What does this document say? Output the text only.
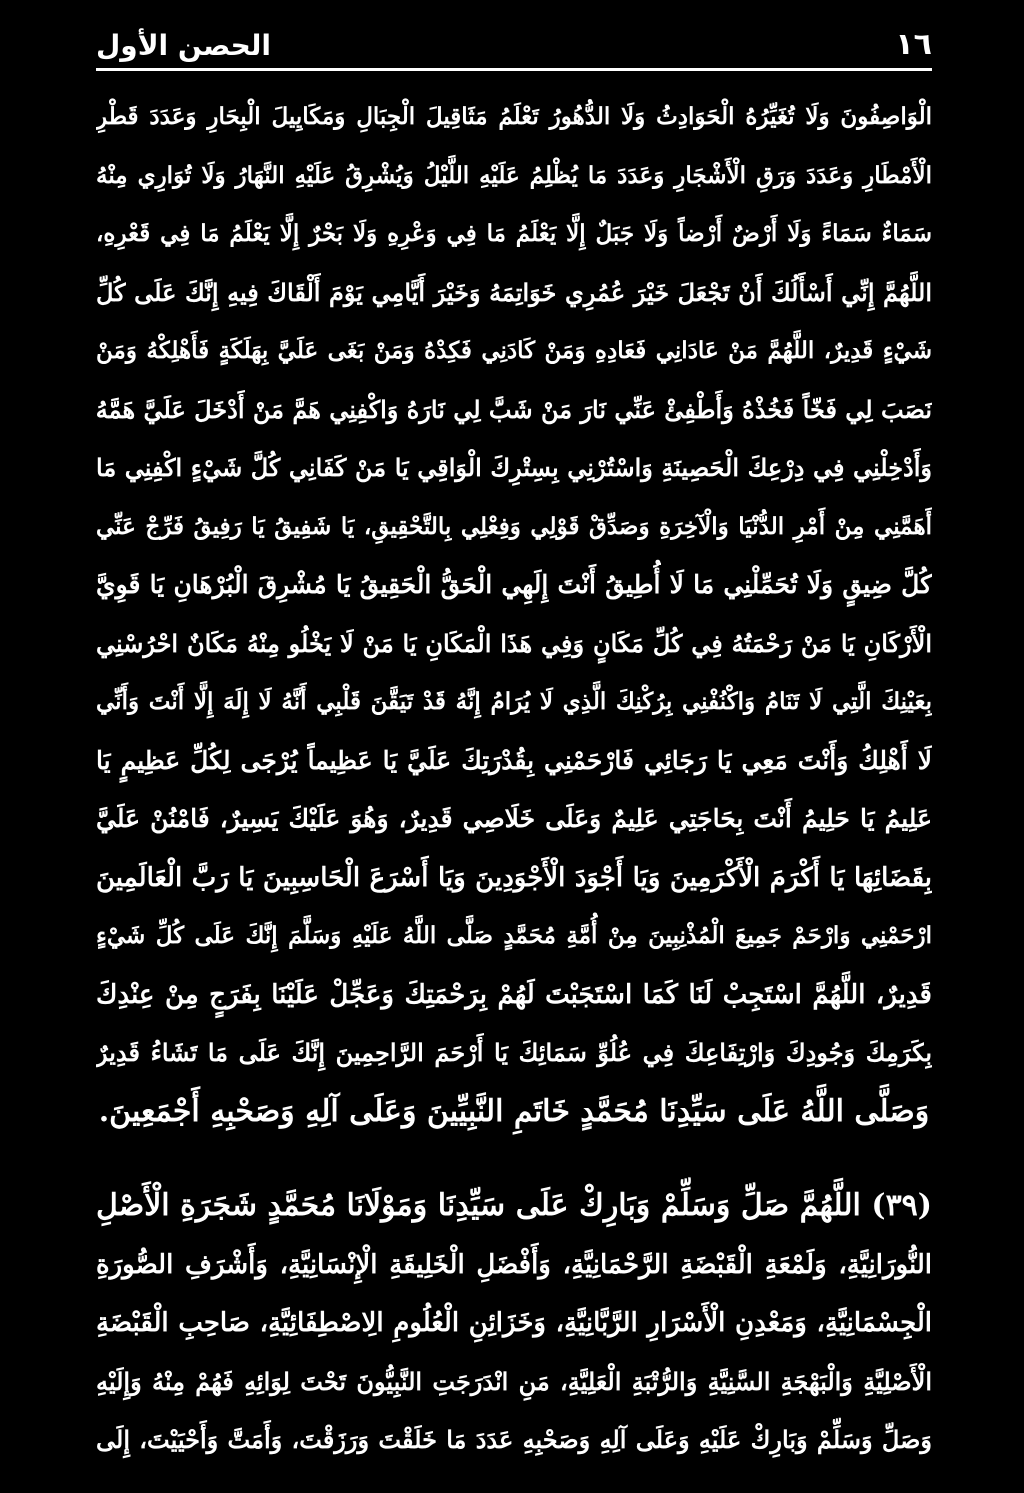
١٦
الحصن الأول
الْوَاصِفُونَ وَلَا تُغَيِّرُهُ الْحَوَادِثُ وَلَا الدُّهُورُ تَعْلَمُ مَثَاقِيلَ الْجِبَالِ وَمَكَايِيلَ الْبِحَارِ وَعَدَدَ قَطْرِ
الْأَمْطَارِ وَعَدَدَ وَرَقِ الْأَشْجَارِ وَعَدَدَ مَا يُظْلِمُ عَلَيْهِ اللَّيْلُ وَيُشْرِقُ عَلَيْهِ النَّهَارُ وَلَا تُوَارِي مِنْهُ
سَمَاءٌ سَمَاءً وَلَا أَرْضٌ أَرْضاً وَلَا جَبَلٌ إِلَّا يَعْلَمُ مَا فِي وَعْرِهِ وَلَا بَحْرٌ إِلَّا يَعْلَمُ مَا فِي قَعْرِهِ،
اللَّهُمَّ إِنِّي أَسْأَلُكَ أَنْ تَجْعَلَ خَيْرَ عُمُرِي خَوَاتِمَهُ وَخَيْرَ أَيَّامِي يَوْمَ أَلْقَاكَ فِيهِ إِنَّكَ عَلَى كُلِّ
شَيْءٍ قَدِيرٌ، اللَّهُمَّ مَنْ عَادَانِي فَعَادِهِ وَمَنْ كَادَنِي فَكِدْهُ وَمَنْ بَغَى عَلَيَّ بِهَلَكَةٍ فَأَهْلِكْهُ وَمَنْ
نَصَبَ لِي فَخّاً فَخُذْهُ وَأَطْفِئْ عَنِّي نَارَ مَنْ شَبَّ لِي نَارَهُ وَاكْفِنِي هَمَّ مَنْ أَدْخَلَ عَلَيَّ هَمَّهُ
وَأَدْخِلْنِي فِي دِرْعِكَ الْحَصِينَةِ وَاسْتُرْنِي بِسِتْرِكَ الْوَاقِي يَا مَنْ كَفَانِي كُلَّ شَيْءٍ اكْفِنِي مَا
أَهَمَّنِي مِنْ أَمْرِ الدُّنْيَا وَالْآخِرَةِ وَصَدِّقْ قَوْلِي وَفِعْلِي بِالتَّحْقِيقِ، يَا شَفِيقُ يَا رَفِيقُ فَرِّجْ عَنِّي
كُلَّ ضِيقٍ وَلَا تُحَمِّلْنِي مَا لَا أُطِيقُ أَنْتَ إِلَهِي الْحَقُّ الْحَقِيقُ يَا مُشْرِقَ الْبُرْهَانِ يَا قَوِيَّ
الْأَرْكَانِ يَا مَنْ رَحْمَتُهُ فِي كُلِّ مَكَانٍ وَفِي هَذَا الْمَكَانِ يَا مَنْ لَا يَخْلُو مِنْهُ مَكَانٌ احْرُسْنِي
بِعَيْنِكَ الَّتِي لَا تَنَامُ وَاكْنُفْنِي بِرُكْنِكَ الَّذِي لَا يُرَامُ إِنَّهُ قَدْ تَيَقَّنَ قَلْبِي أَنَّهُ لَا إِلَهَ إِلَّا أَنْتَ وَأَنِّي
لَا أَهْلِكُ وَأَنْتَ مَعِي يَا رَجَائِي فَارْحَمْنِي بِقُدْرَتِكَ عَلَيَّ يَا عَظِيماً يُرْجَى لِكُلِّ عَظِيمٍ يَا
عَلِيمُ يَا حَلِيمُ أَنْتَ بِحَاجَتِي عَلِيمٌ وَعَلَى خَلَاصِي قَدِيرٌ، وَهُوَ عَلَيْكَ يَسِيرٌ، فَامْنُنْ عَلَيَّ
بِقَضَائِهَا يَا أَكْرَمَ الْأَكْرَمِينَ وَيَا أَجْوَدَ الْأَجْوَدِينَ وَيَا أَسْرَعَ الْحَاسِبِينَ يَا رَبَّ الْعَالَمِينَ
ارْحَمْنِي وَارْحَمْ جَمِيعَ الْمُذْنِبِينَ مِنْ أُمَّةِ مُحَمَّدٍ صَلَّى اللَّهُ عَلَيْهِ وَسَلَّمَ إِنَّكَ عَلَى كُلِّ شَيْءٍ
قَدِيرٌ، اللَّهُمَّ اسْتَجِبْ لَنَا كَمَا اسْتَجَبْتَ لَهُمْ بِرَحْمَتِكَ وَعَجِّلْ عَلَيْنَا بِفَرَجٍ مِنْ عِنْدِكَ
بِكَرَمِكَ وَجُودِكَ وَارْتِفَاعِكَ فِي عُلُوِّ سَمَائِكَ يَا أَرْحَمَ الرَّاحِمِينَ إِنَّكَ عَلَى مَا تَشَاءُ قَدِيرٌ
وَصَلَّى اللَّهُ عَلَى سَيِّدِنَا مُحَمَّدٍ خَاتَمِ النَّبِيِّينَ وَعَلَى آلِهِ وَصَحْبِهِ أَجْمَعِينَ.
(٣٩) اللَّهُمَّ صَلِّ وَسَلِّمْ وَبَارِكْ عَلَى سَيِّدِنَا وَمَوْلَانَا مُحَمَّدٍ شَجَرَةِ الْأَصْلِ
النُّورَانِيَّةِ، وَلَمْعَةِ الْقَبْضَةِ الرَّحْمَانِيَّةِ، وَأَفْضَلِ الْخَلِيقَةِ الْإِنْسَانِيَّةِ، وَأَشْرَفِ الصُّورَةِ
الْجِسْمَانِيَّةِ، وَمَعْدِنِ الْأَسْرَارِ الرَّبَّانِيَّةِ، وَخَزَائِنِ الْعُلُومِ الِاصْطِفَائِيَّةِ، صَاحِبِ الْقَبْضَةِ
الْأَصْلِيَّةِ وَالْبَهْجَةِ السَّنِيَّةِ وَالرُّتْبَةِ الْعَلِيَّةِ، مَنِ انْدَرَجَتِ النَّبِيُّونَ تَحْتَ لِوَائِهِ فَهُمْ مِنْهُ وَإِلَيْهِ
وَصَلِّ وَسَلِّمْ وَبَارِكْ عَلَيْهِ وَعَلَى آلِهِ وَصَحْبِهِ عَدَدَ مَا خَلَقْتَ وَرَزَقْتَ، وَأَمَتَّ وَأَحْيَيْتَ، إِلَى
